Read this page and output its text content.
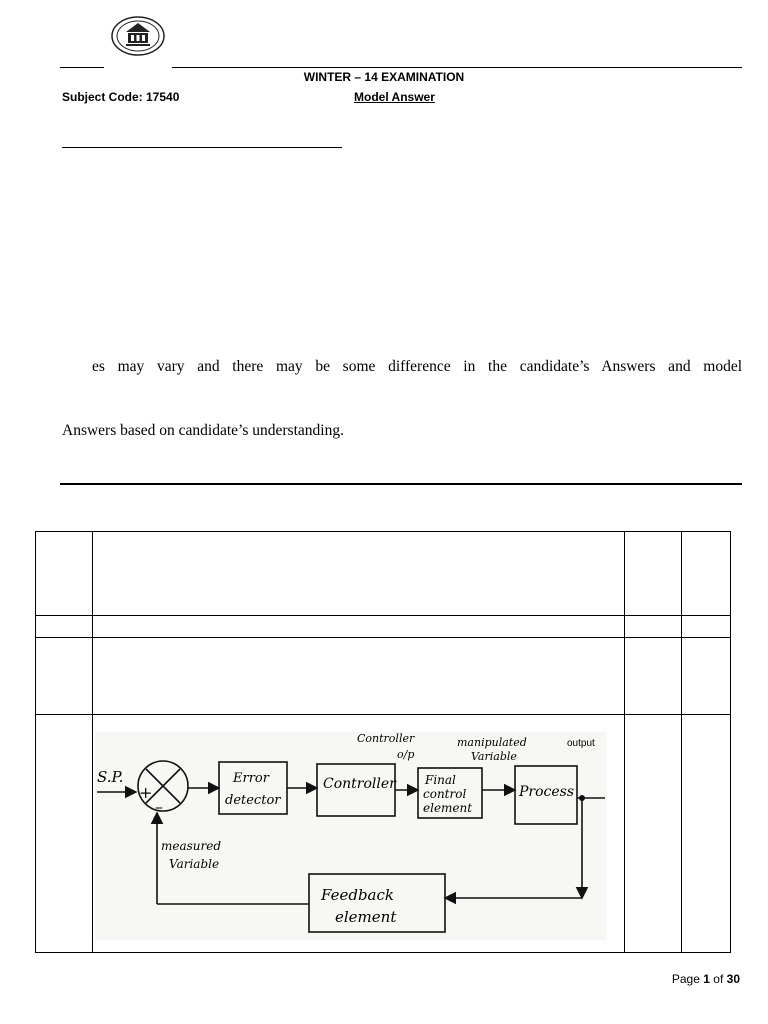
WINTER – 14 EXAMINATION
Subject Code: 17540	Model Answer
es may vary and there may be some difference in the candidate’s Answers and model
Answers based on candidate’s understanding.

S.P.
+
–
Error
detector
Controller
Controller
o/p
Final
control
element
manipulated
Variable
output
Process
measured
Variable
Feedback
element
Page 1 of 30
